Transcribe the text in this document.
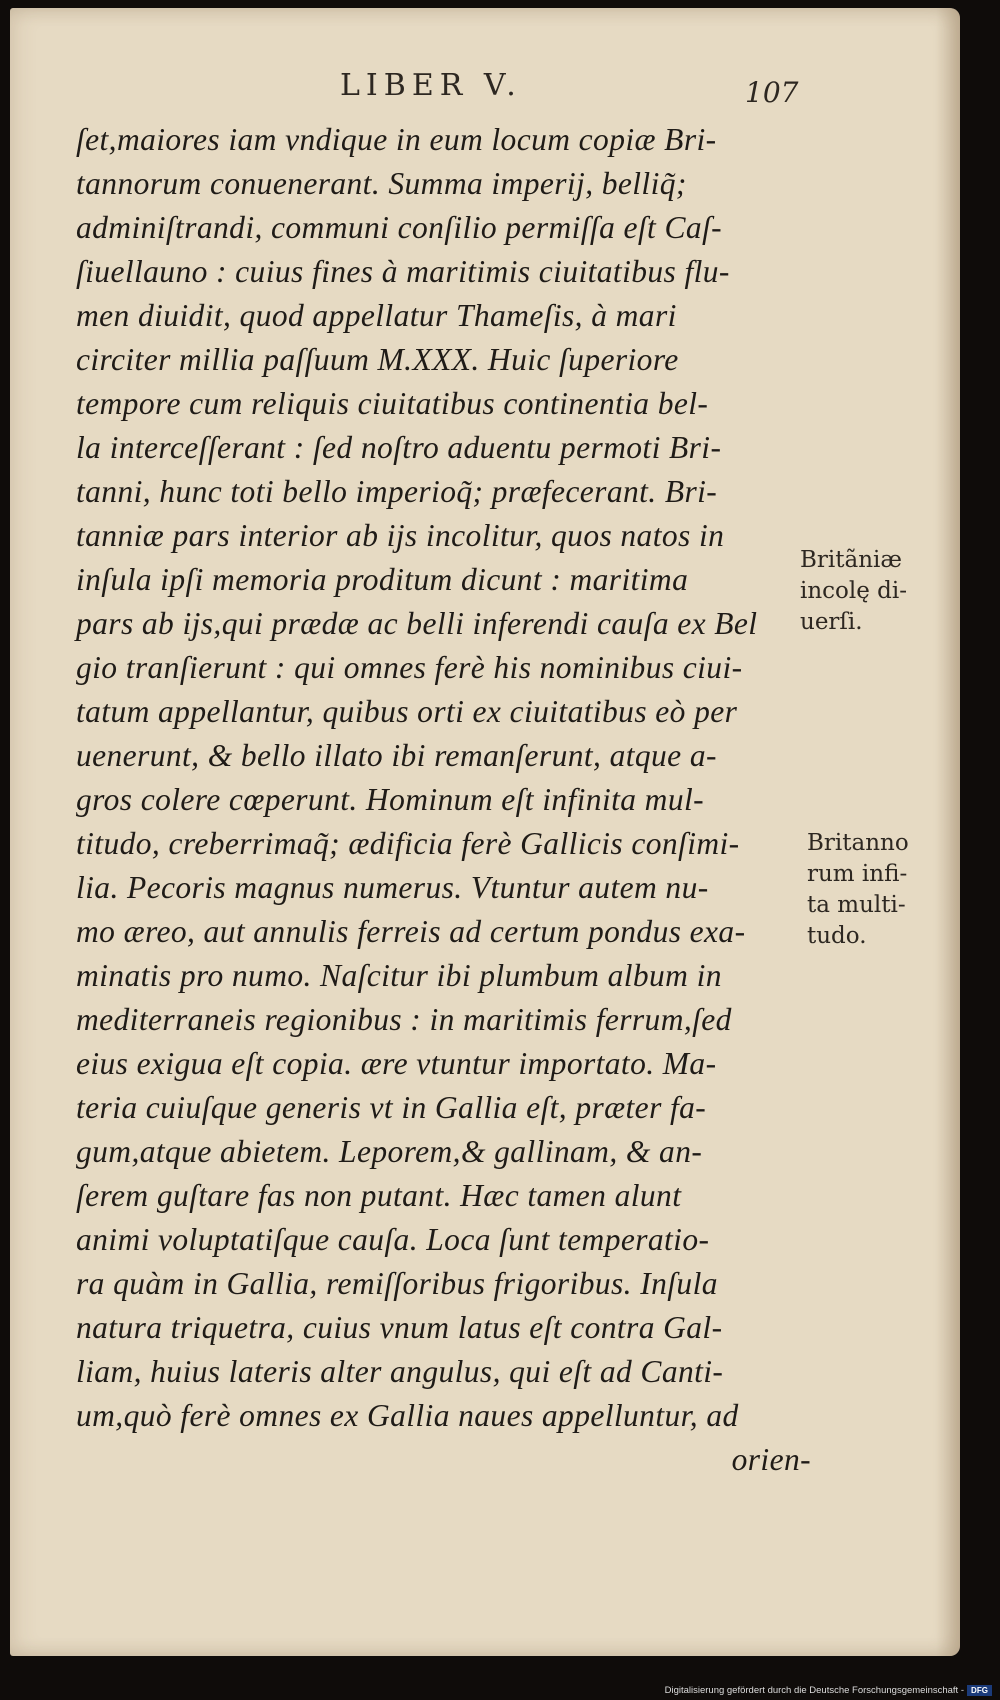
LIBER V.	107
ſet,maiores iam vndique in eum locum copiæ Bri-
tannorum conuenerant. Summa imperij, belliq̃;
adminiſtrandi, communi conſilio permiſſa eſt Caſ-
ſiuellauno : cuius fines à maritimis ciuitatibus flu-
men diuidit, quod appellatur Thameſis, à mari
circiter millia paſſuum M.XXX. Huic ſuperiore
tempore cum reliquis ciuitatibus continentia bel-
la interceſſerant : ſed noſtro aduentu permoti Bri-
tanni, hunc toti bello imperioq̃; præfecerant. Bri-
tanniæ pars interior ab ijs incolitur, quos natos in
inſula ipſi memoria proditum dicunt : maritima
pars ab ijs,qui prædæ ac belli inferendi cauſa ex Bel
gio tranſierunt : qui omnes ferè his nominibus ciui-
tatum appellantur, quibus orti ex ciuitatibus eò per
uenerunt, & bello illato ibi remanſerunt, atque a-
gros colere cœperunt. Hominum eſt infinita mul-
titudo, creberrimaq̃; ædificia ferè Gallicis conſimi-
lia. Pecoris magnus numerus. Vtuntur autem nu-
mo æreo, aut annulis ferreis ad certum pondus exa-
minatis pro numo. Naſcitur ibi plumbum album in
mediterraneis regionibus : in maritimis ferrum,ſed
eius exigua eſt copia. ære vtuntur importato. Ma-
teria cuiuſque generis vt in Gallia eſt, præter fa-
gum,atque abietem. Leporem,& gallinam, & an-
ſerem guſtare fas non putant. Hæc tamen alunt
animi voluptatiſque cauſa. Loca ſunt temperatio-
ra quàm in Gallia, remiſſoribus frigoribus. Inſula
natura triquetra, cuius vnum latus eſt contra Gal-
liam, huius lateris alter angulus, qui eſt ad Canti-
um,quò ferè omnes ex Gallia naues appelluntur, ad
orien-
Britãniæ
incolę di-
uerſi.
Britanno
rum infi-
ta multi-
tudo.
Digitalisierung gefördert durch die Deutsche Forschungsgemeinschaft - DFG
